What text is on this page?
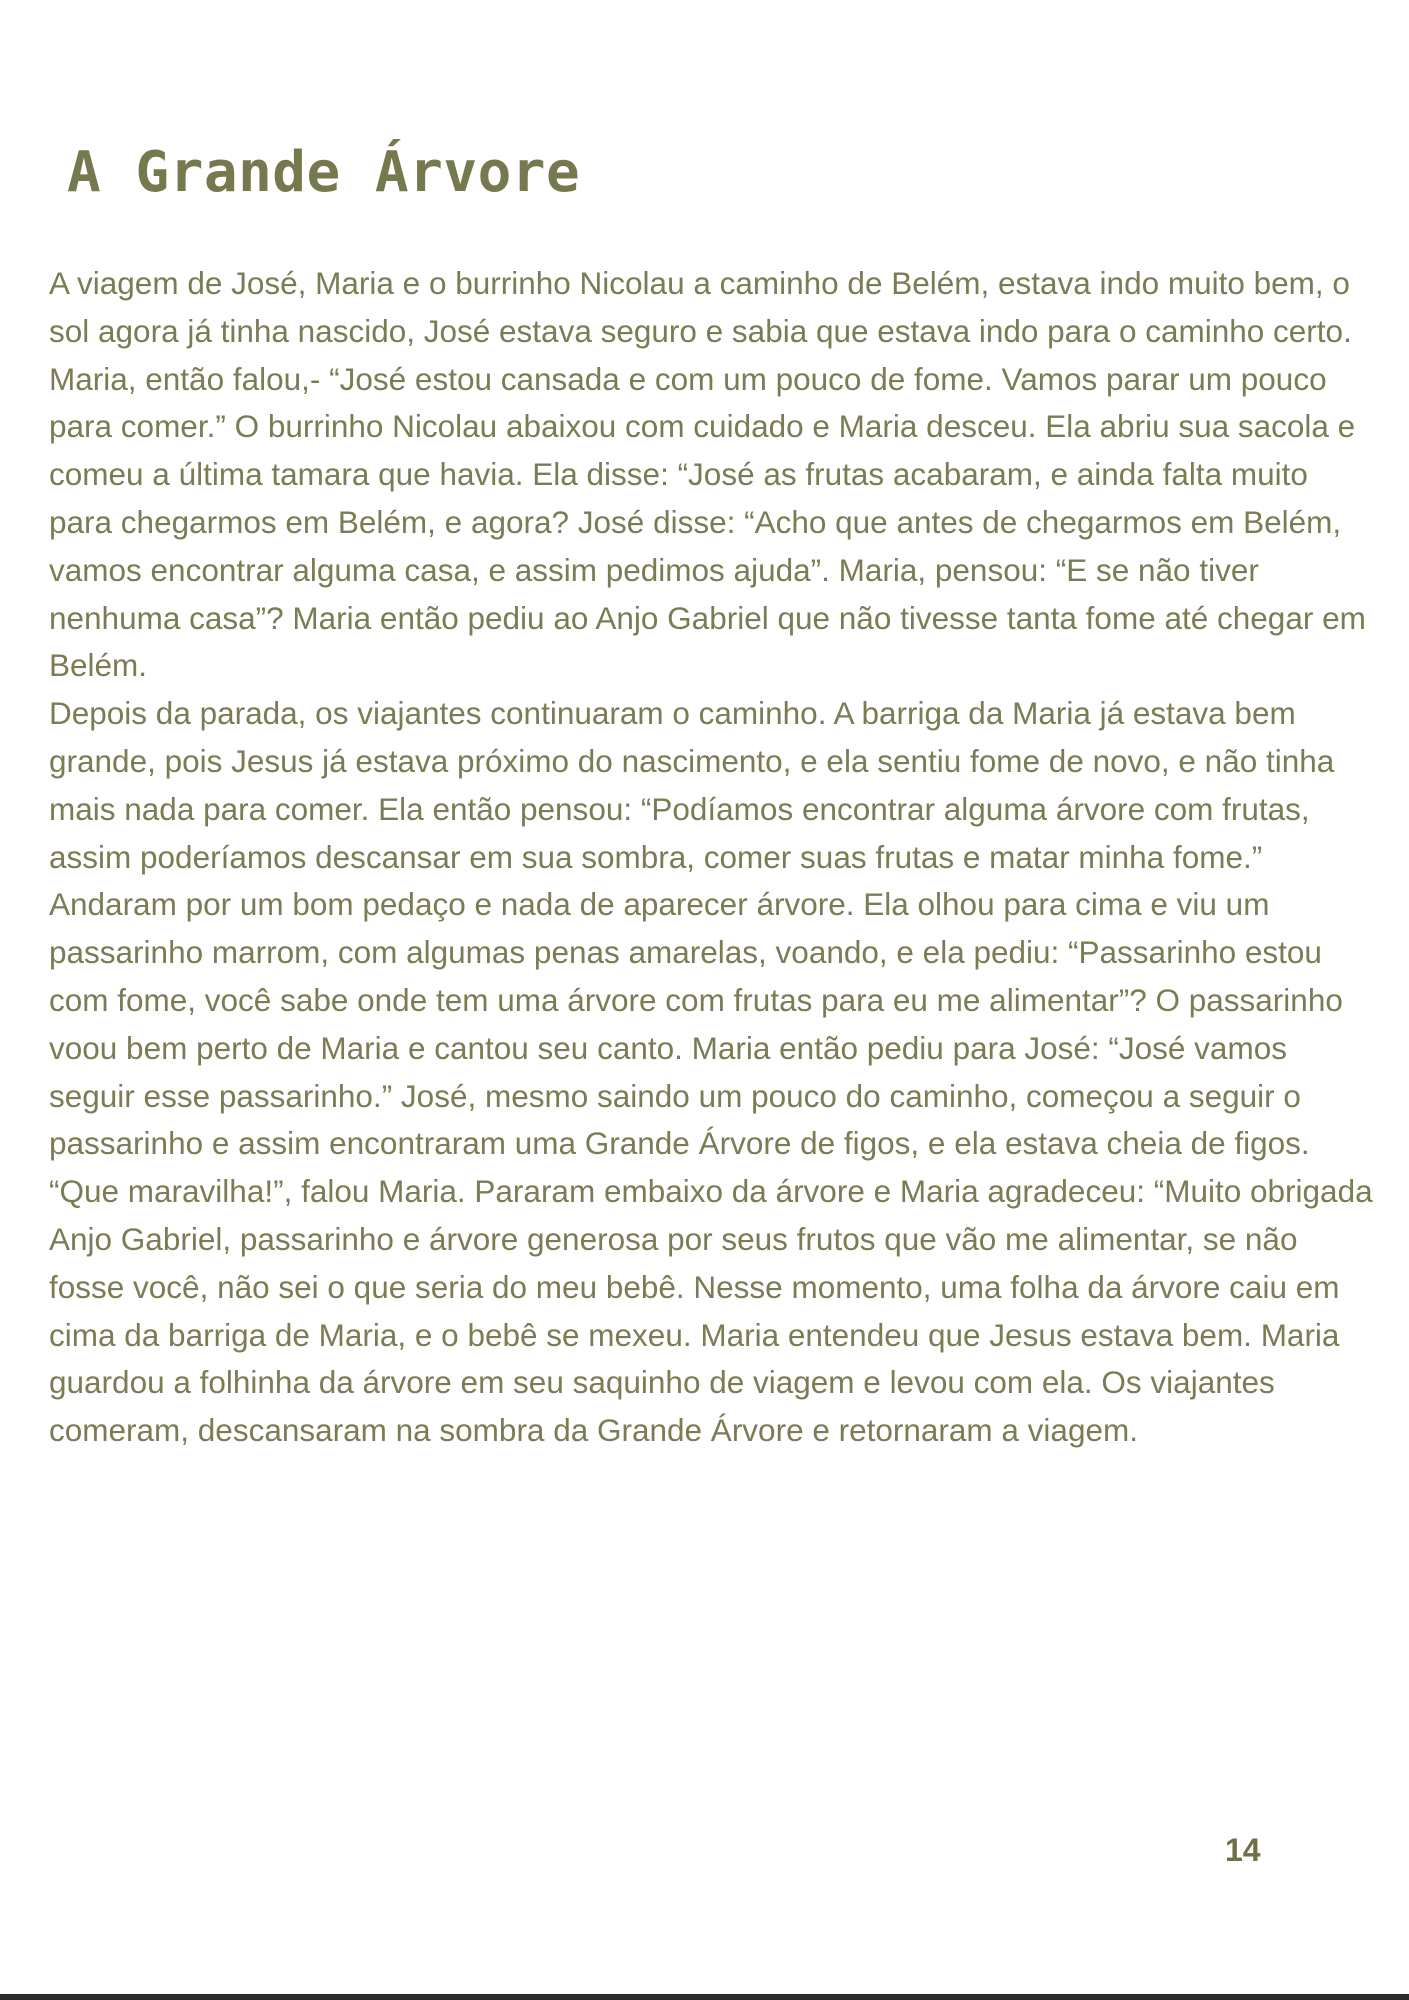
A Grande Árvore

A viagem de José, Maria e o burrinho Nicolau a caminho de Belém, estava indo muito bem, o sol agora já tinha nascido, José estava seguro e sabia que estava indo para o caminho certo. Maria, então falou,- “José estou cansada e com um pouco de fome. Vamos parar um pouco para comer.” O burrinho Nicolau abaixou com cuidado e Maria desceu. Ela abriu sua sacola e comeu a última tamara que havia. Ela disse: “José as frutas acabaram, e ainda falta muito para chegarmos em Belém, e agora? José disse: “Acho que antes de chegarmos em Belém, vamos encontrar alguma casa, e assim pedimos ajuda”. Maria, pensou: “E se não tiver nenhuma casa”? Maria então pediu ao Anjo Gabriel que não tivesse tanta fome até chegar em Belém.

Depois da parada, os viajantes continuaram o caminho. A barriga da Maria já estava bem grande, pois Jesus já estava próximo do nascimento, e ela sentiu fome de novo, e não tinha mais nada para comer. Ela então pensou: “Podíamos encontrar alguma árvore com frutas, assim poderíamos descansar em sua sombra, comer suas frutas e matar minha fome.” Andaram por um bom pedaço e nada de aparecer árvore. Ela olhou para cima e viu um passarinho marrom, com algumas penas amarelas, voando, e ela pediu: “Passarinho estou com fome, você sabe onde tem uma árvore com frutas para eu me alimentar”? O passarinho voou bem perto de Maria e cantou seu canto. Maria então pediu para José: “José vamos seguir esse passarinho.” José, mesmo saindo um pouco do caminho, começou a seguir o passarinho e assim encontraram uma Grande Árvore de figos, e ela estava cheia de figos. “Que maravilha!”, falou Maria. Pararam embaixo da árvore e Maria agradeceu: “Muito obrigada Anjo Gabriel, passarinho e árvore generosa por seus frutos que vão me alimentar, se não fosse você, não sei o que seria do meu bebê. Nesse momento, uma folha da árvore caiu em cima da barriga de Maria, e o bebê se mexeu. Maria entendeu que Jesus estava bem. Maria guardou a folhinha da árvore em seu saquinho de viagem e levou com ela. Os viajantes comeram, descansaram na sombra da Grande Árvore e retornaram a viagem.

14
